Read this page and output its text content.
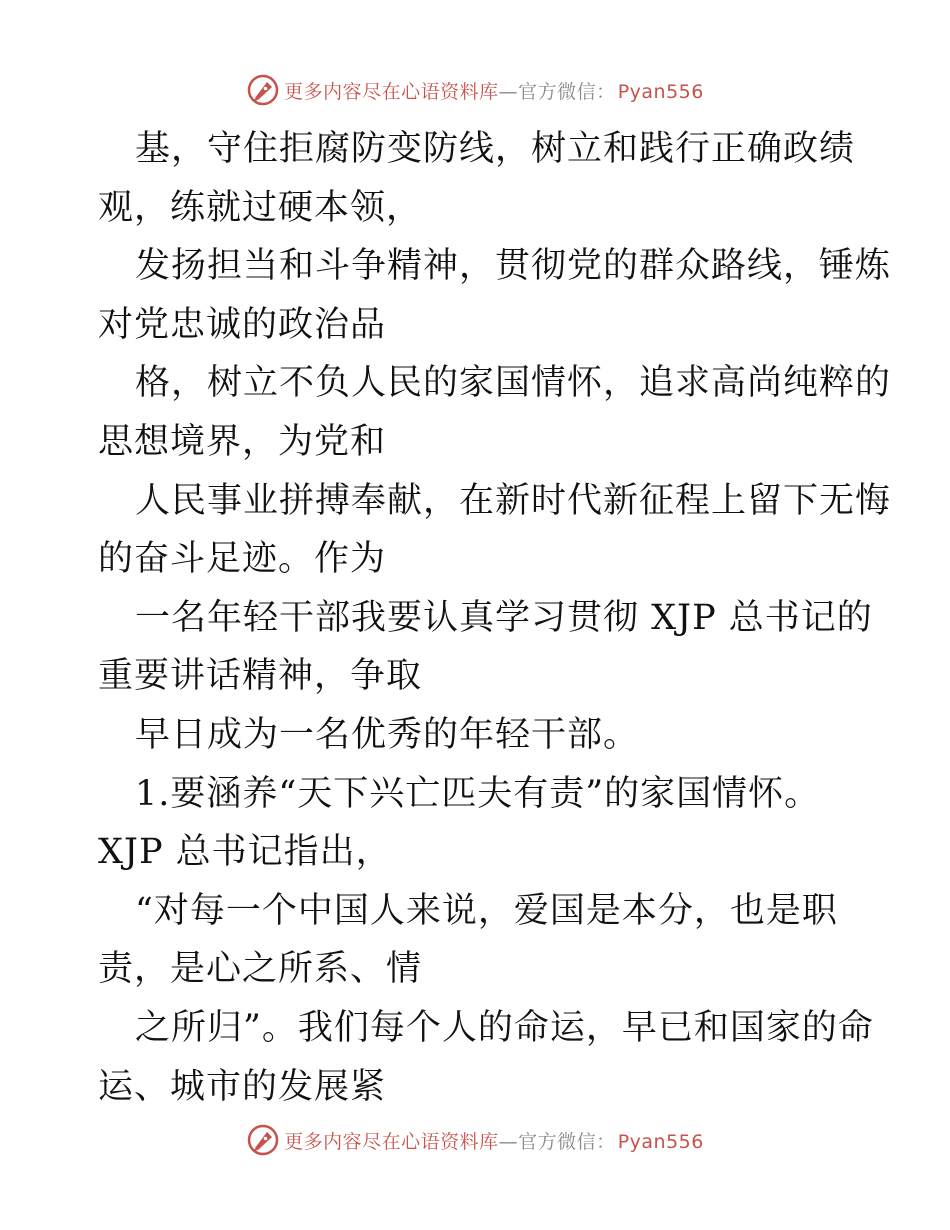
更多内容尽在心语资料库—官方微信： Pyan556
基，守住拒腐防变防线，树立和践行正确政绩
观，练就过硬本领，
发扬担当和斗争精神，贯彻党的群众路线，锤炼
对党忠诚的政治品
格，树立不负人民的家国情怀，追求高尚纯粹的
思想境界，为党和
人民事业拼搏奉献，在新时代新征程上留下无悔
的奋斗足迹。作为
一名年轻干部我要认真学习贯彻 XJP 总书记的
重要讲话精神，争取
早日成为一名优秀的年轻干部。
1.要涵养“天下兴亡匹夫有责”的家国情怀。
XJP 总书记指出，
“对每一个中国人来说，爱国是本分，也是职
责，是心之所系、情
之所归”。我们每个人的命运，早已和国家的命
运、城市的发展紧
更多内容尽在心语资料库—官方微信： Pyan556
